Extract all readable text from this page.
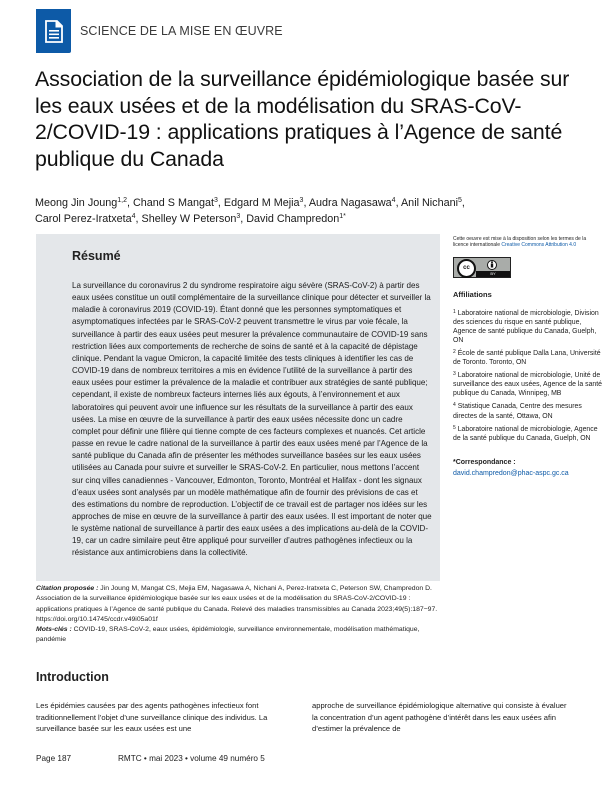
SCIENCE DE LA MISE EN ŒUVRE
Association de la surveillance épidémiologique basée sur les eaux usées et de la modélisation du SRAS-CoV-2/COVID-19 : applications pratiques à l’Agence de santé publique du Canada
Meong Jin Joung$^{1,2}$, Chand S Mangat$^3$, Edgard M Mejia$^3$, Audra Nagasawa$^4$, Anil Nichani$^5$,
Carol Perez-Iratxeta$^4$, Shelley W Peterson$^3$, David Champredon$^{1*}$
Résumé
La surveillance du coronavirus 2 du syndrome respiratoire aigu sévère (SRAS-CoV-2) à partir des eaux usées constitue un outil complémentaire de la surveillance clinique pour détecter et surveiller la maladie à coronavirus 2019 (COVID-19). Étant donné que les personnes symptomatiques et asymptomatiques infectées par le SRAS-CoV-2 peuvent transmettre le virus par voie fécale, la surveillance à partir des eaux usées peut mesurer la prévalence communautaire de COVID-19 sans restriction liées aux comportements de recherche de soins de santé et à la capacité de dépistage clinique. Pendant la vague Omicron, la capacité limitée des tests cliniques à identifier les cas de COVID-19 dans de nombreux territoires a mis en évidence l’utilité de la surveillance à partir des eaux usées pour estimer la prévalence de la maladie et contribuer aux stratégies de santé publique; cependant, il existe de nombreux facteurs internes liés aux égouts, à l’environnement et aux laboratoires qui peuvent avoir une influence sur les résultats de la surveillance à partir des eaux usées. La mise en œuvre de la surveillance à partir des eaux usées nécessite donc un cadre complet pour définir une filière qui tienne compte de ces facteurs complexes et nuancés. Cet article passe en revue le cadre national de la surveillance à partir des eaux usées mené par l’Agence de la santé publique du Canada afin de présenter les méthodes surveillance basées sur les eaux usées utilisées au Canada pour suivre et surveiller le SRAS-CoV-2. En particulier, nous mettons l’accent sur cinq villes canadiennes - Vancouver, Edmonton, Toronto, Montréal et Halifax - dont les signaux d’eaux usées sont analysés par un modèle mathématique afin de fournir des prévisions de cas et des estimations du nombre de reproduction. L’objectif de ce travail est de partager nos idées sur les approches de mise en œuvre de la surveillance à partir des eaux usées. Il est important de noter que le système national de surveillance à partir des eaux usées a des implications au-delà de la COVID-19, car un cadre similaire peut être appliqué pour surveiller d’autres pathogènes infectieux ou la résistance aux antimicrobiens dans la collectivité.
Cette oeuvre est mise à la disposition selon les termes de la licence internationale Creative Commons Attribution 4.0
cc
BY
Affiliations
$^1$ Laboratoire national de microbiologie, Division des sciences du risque en santé publique, Agence de santé publique du Canada, Guelph, ON
$^2$ École de santé publique Dalla Lana, Université de Toronto. Toronto, ON
$^3$ Laboratoire national de microbiologie, Unité de surveillance des eaux usées, Agence de la santé publique du Canada, Winnipeg, MB
$^4$ Statistique Canada, Centre des mesures directes de la santé, Ottawa, ON
$^5$ Laboratoire national de microbiologie, Agence de la santé publique du Canada, Guelph, ON
*Correspondance :
david.champredon@phac-aspc.gc.ca
Citation proposée : Jin Joung M, Mangat CS, Mejia EM, Nagasawa A, Nichani A, Perez-Iratxeta C, Peterson SW, Champredon D. Association de la surveillance épidémiologique basée sur les eaux usées et de la modélisation du SRAS-CoV-2/COVID-19 : applications pratiques à l’Agence de santé publique du Canada. Relevé des maladies transmissibles au Canada 2023;49(5):187−97. https://doi.org/10.14745/ccdr.v49i05a01f
Mots-clés : COVID-19, SRAS-CoV-2, eaux usées, épidémiologie, surveillance environnementale, modélisation mathématique, pandémie
Introduction
Les épidémies causées par des agents pathogènes infectieux font traditionnellement l’objet d’une surveillance clinique des individus. La surveillance basée sur les eaux usées est une
approche de surveillance épidémiologique alternative qui consiste à évaluer la concentration d’un agent pathogène d’intérêt dans les eaux usées afin d’estimer la prévalence de
Page 187	RMTC • mai 2023 • volume 49 numéro 5
